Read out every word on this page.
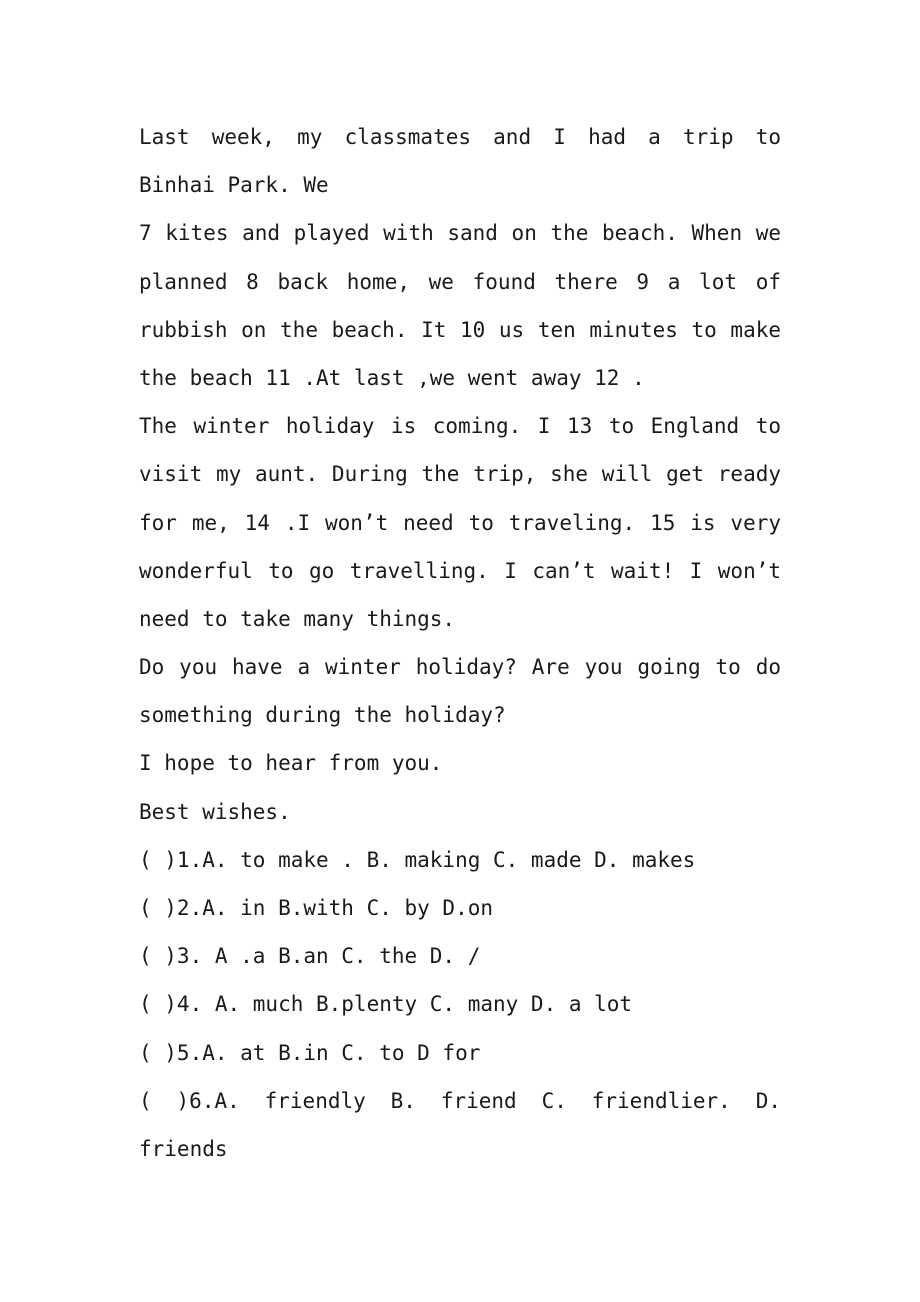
Last week, my classmates and I had a trip to
Binhai Park. We
7 kites and played with sand on the beach. When we
planned 8 back home, we found there 9 a lot of
rubbish on the beach. It 10 us ten minutes to make
the beach 11 .At last ,we went away 12 .
The winter holiday is coming. I 13 to England to
visit my aunt. During the trip, she will get ready
for me, 14 .I won’t need to traveling. 15 is very
wonderful to go travelling. I can’t wait! I won’t
need to take many things.
Do you have a winter holiday? Are you going to do
something during the holiday?
I hope to hear from you.
Best wishes.
( )1.A. to make . B. making C. made D. makes
( )2.A. in B.with C. by D.on
( )3. A .a B.an C. the D. /
( )4. A. much B.plenty C. many D. a lot
( )5.A. at B.in C. to D for
( )6.A. friendly B. friend C. friendlier. D.
friends
